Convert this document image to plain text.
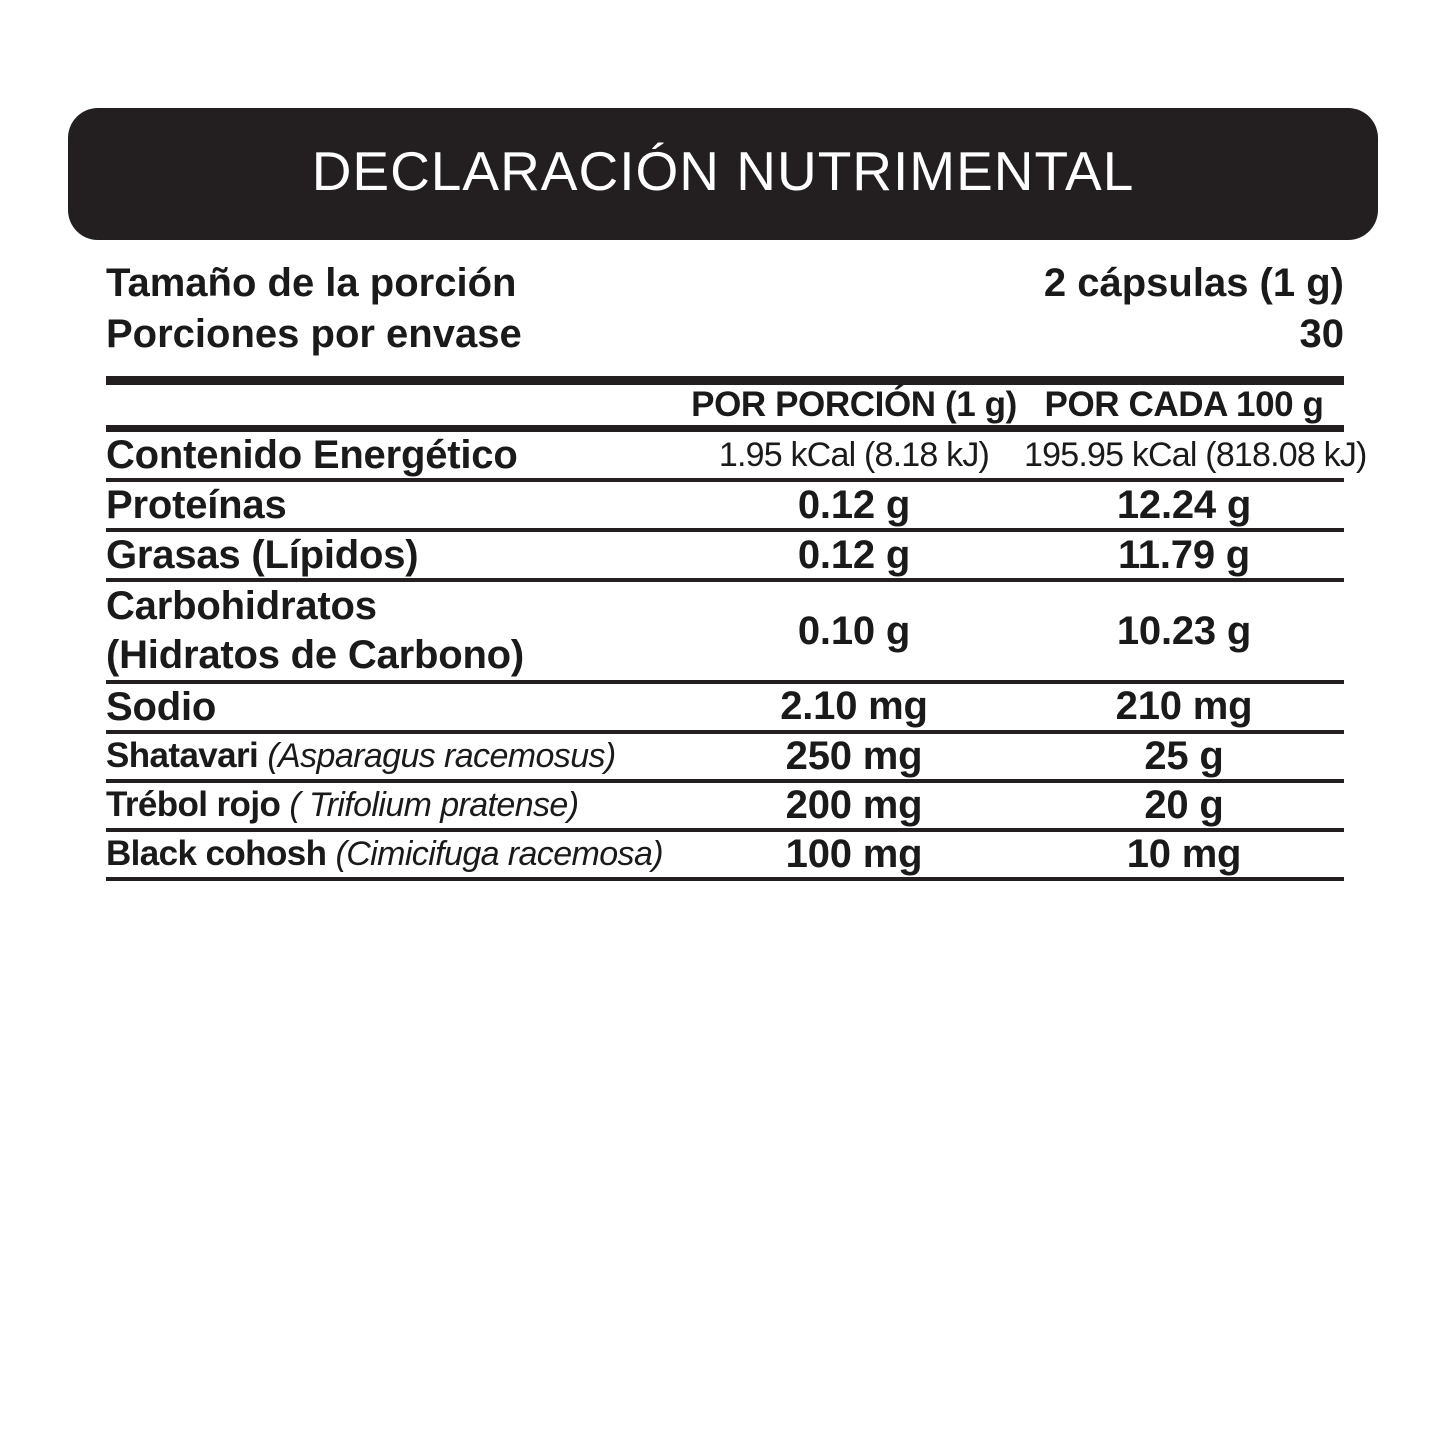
DECLARACIÓN NUTRIMENTAL
Tamaño de la porción	2 cápsulas (1 g)
Porciones por envase	30
	POR PORCIÓN (1 g)	POR CADA 100 g
Contenido Energético	1.95 kCal (8.18 kJ)	195.95 kCal (818.08 kJ)
Proteínas	0.12 g	12.24 g
Grasas (Lípidos)	0.12 g	11.79 g

Carbohidratos
(Hidratos de Carbono)	0.10 g	10.23 g
Sodio	2.10 mg	210 mg
Shatavari (Asparagus racemosus)	250 mg	25 g
Trébol rojo ( Trifolium pratense)	200 mg	20 g
Black cohosh (Cimicifuga racemosa)	100 mg	10 mg
